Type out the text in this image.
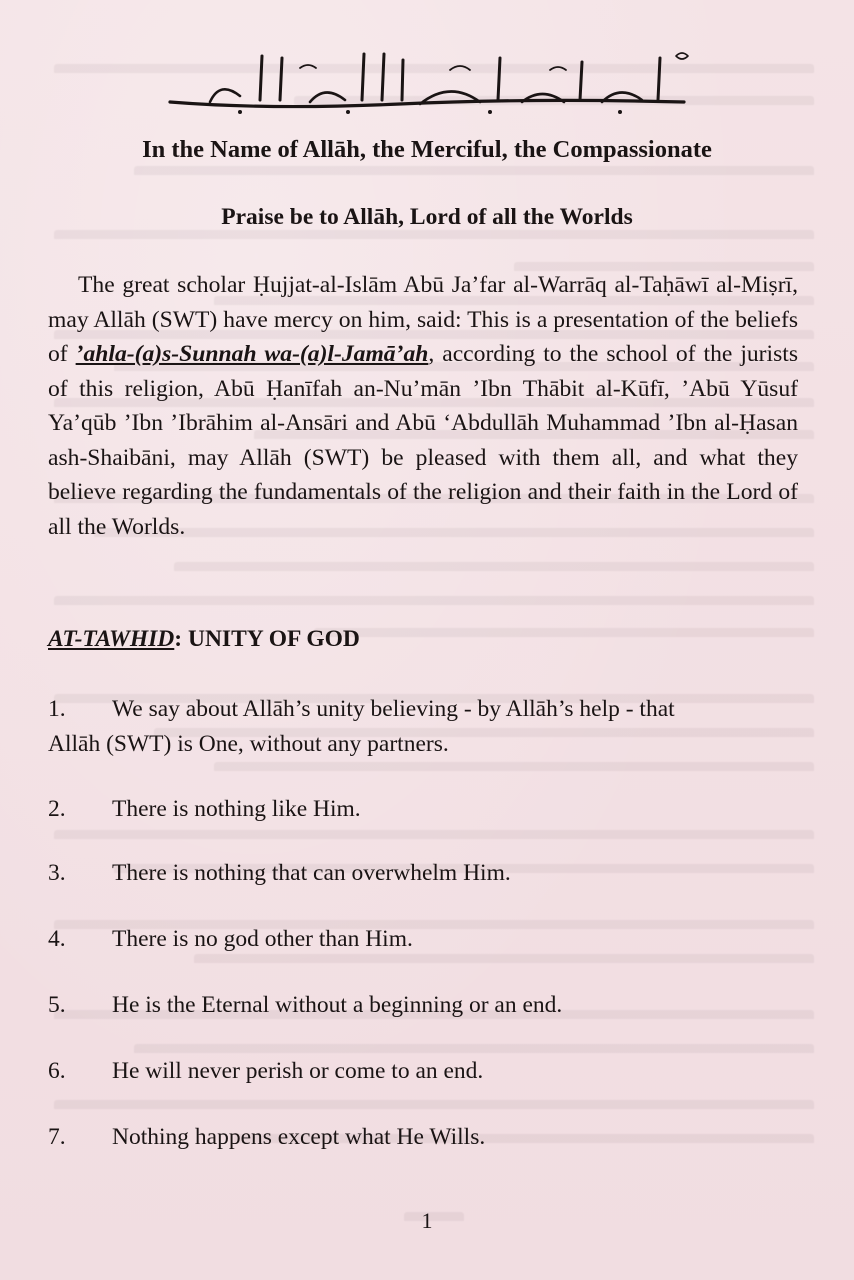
In the Name of Allāh, the Merciful, the Compassionate
Praise be to Allāh, Lord of all the Worlds

The great scholar Ḥujjat-al-Islām Abū Ja’far al-Warrāq al-Taḥāwī al-Miṣrī, may Allāh (SWT) have mercy on him, said: This is a presentation of the beliefs of ’ahla-(a)s-Sunnah wa-(a)l-Jamā’ah, according to the school of the jurists of this religion, Abū Ḥanīfah an-Nu’mān ’Ibn Thābit al-Kūfī, ’Abū Yūsuf Ya’qūb ’Ibn ’Ibrāhim al-Ansāri and Abū ‘Abdullāh Muhammad ’Ibn al-Ḥasan ash-Shaibāni, may Allāh (SWT) be pleased with them all, and what they believe regarding the fundamentals of the religion and their faith in the Lord of all the Worlds.

AT-TAWHID: UNITY OF GOD
1. We say about Allāh’s unity believing - by Allāh’s help - that
Allāh (SWT) is One, without any partners.
2. There is nothing like Him.
3. There is nothing that can overwhelm Him.
4. There is no god other than Him.
5. He is the Eternal without a beginning or an end.
6. He will never perish or come to an end.
7. Nothing happens except what He Wills.

1
